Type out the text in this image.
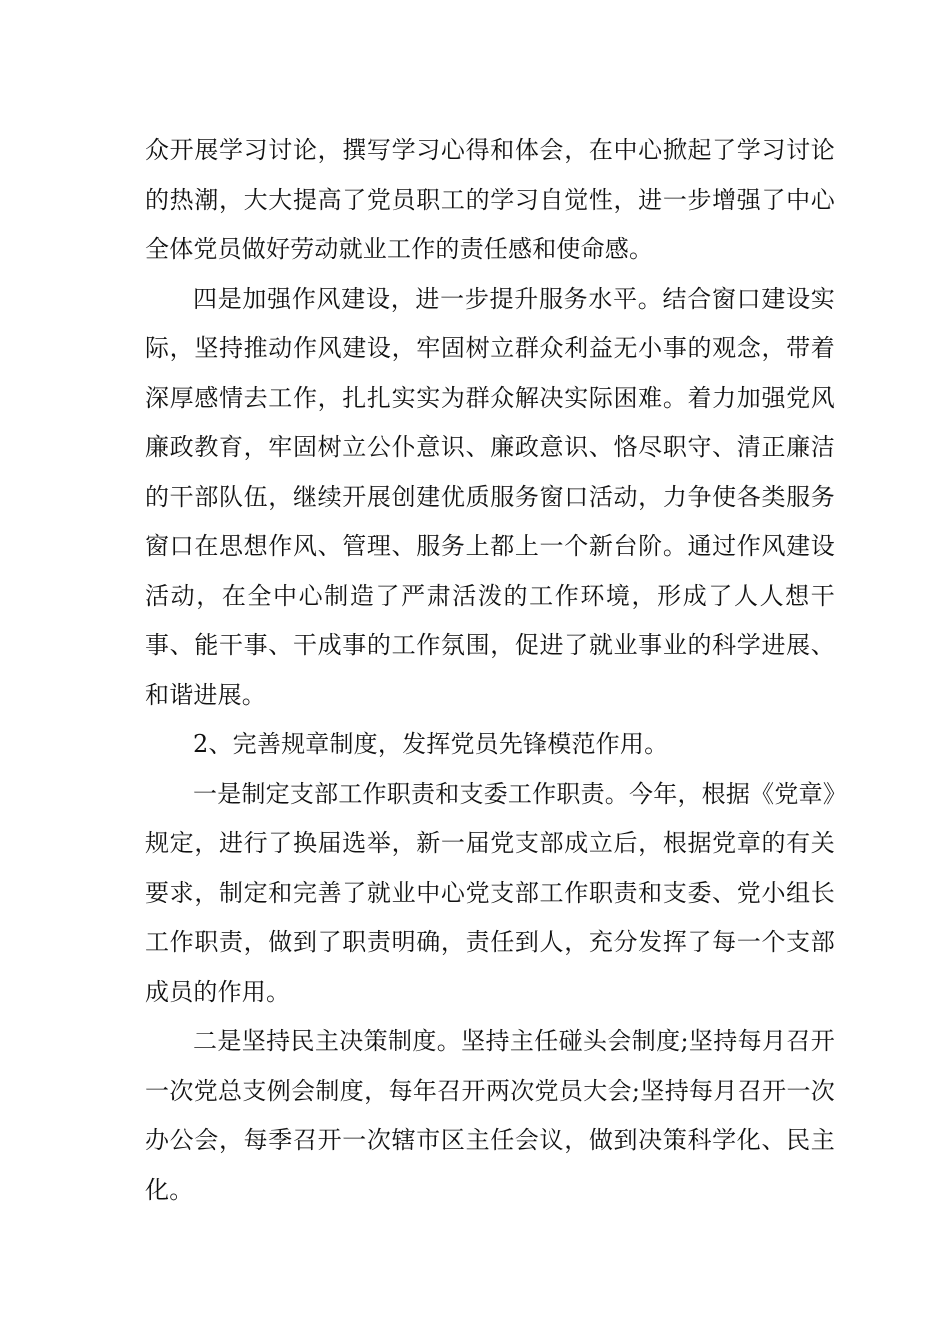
众开展学习讨论，撰写学习心得和体会，在中心掀起了学习讨论的热潮，大大提高了党员职工的学习自觉性，进一步增强了中心全体党员做好劳动就业工作的责任感和使命感。

四是加强作风建设，进一步提升服务水平。结合窗口建设实际，坚持推动作风建设，牢固树立群众利益无小事的观念，带着深厚感情去工作，扎扎实实为群众解决实际困难。着力加强党风廉政教育，牢固树立公仆意识、廉政意识、恪尽职守、清正廉洁的干部队伍，继续开展创建优质服务窗口活动，力争使各类服务窗口在思想作风、管理、服务上都上一个新台阶。通过作风建设活动，在全中心制造了严肃活泼的工作环境，形成了人人想干事、能干事、干成事的工作氛围，促进了就业事业的科学进展、和谐进展。

2、完善规章制度，发挥党员先锋模范作用。

一是制定支部工作职责和支委工作职责。今年，根据《党章》规定，进行了换届选举，新一届党支部成立后，根据党章的有关要求，制定和完善了就业中心党支部工作职责和支委、党小组长工作职责，做到了职责明确，责任到人，充分发挥了每一个支部成员的作用。

二是坚持民主决策制度。坚持主任碰头会制度;坚持每月召开一次党总支例会制度，每年召开两次党员大会;坚持每月召开一次办公会，每季召开一次辖市区主任会议，做到决策科学化、民主化。
